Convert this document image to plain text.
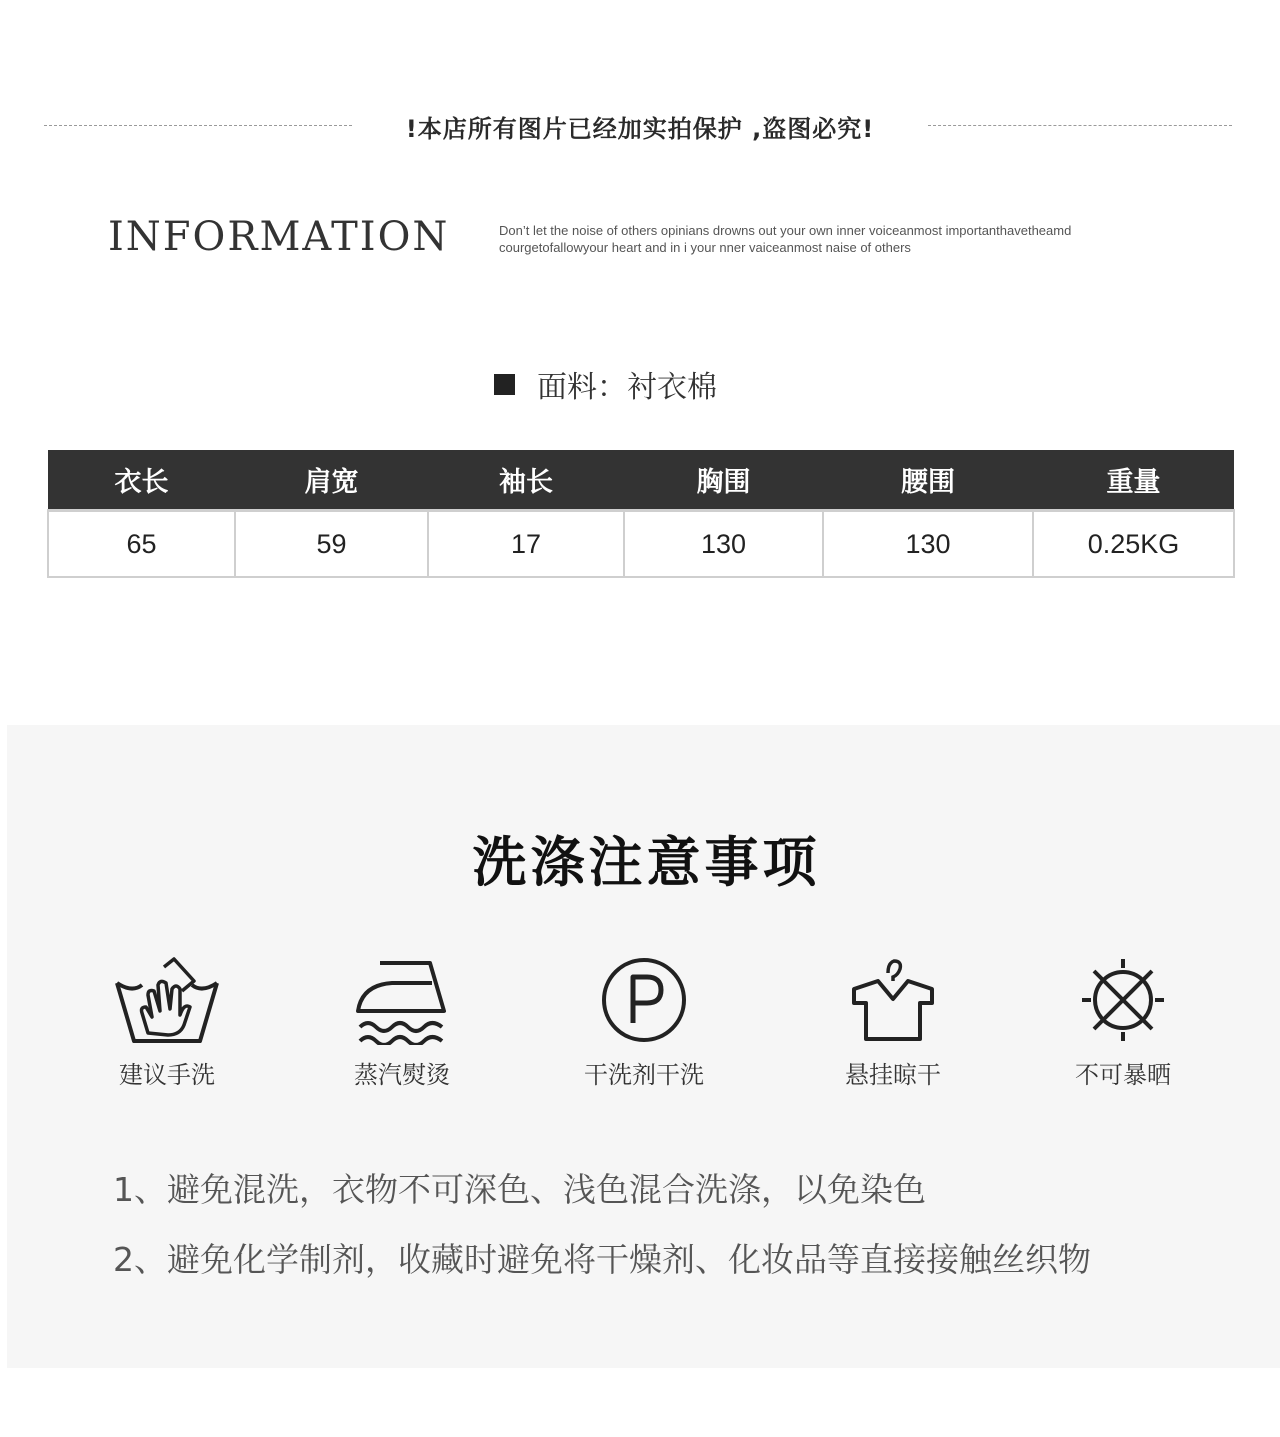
!本店所有图片已经加实拍保护 ,盗图必究!
INFORMATION	Don’t let the noise of others opinians drowns out your own inner voiceanmost importanthavetheamd
courgetofallowyour heart and in i your nner vaiceanmost naise of others
面料：衬衣棉
衣长	肩宽	袖长	胸围	腰围	重量
65	59	17	130	130	0.25KG
洗涤注意事项
建议手洗	蒸汽熨烫	干洗剂干洗	悬挂晾干	不可暴晒
1、避免混洗，衣物不可深色、浅色混合洗涤，以免染色
2、避免化学制剂，收藏时避免将干燥剂、化妆品等直接接触丝织物
